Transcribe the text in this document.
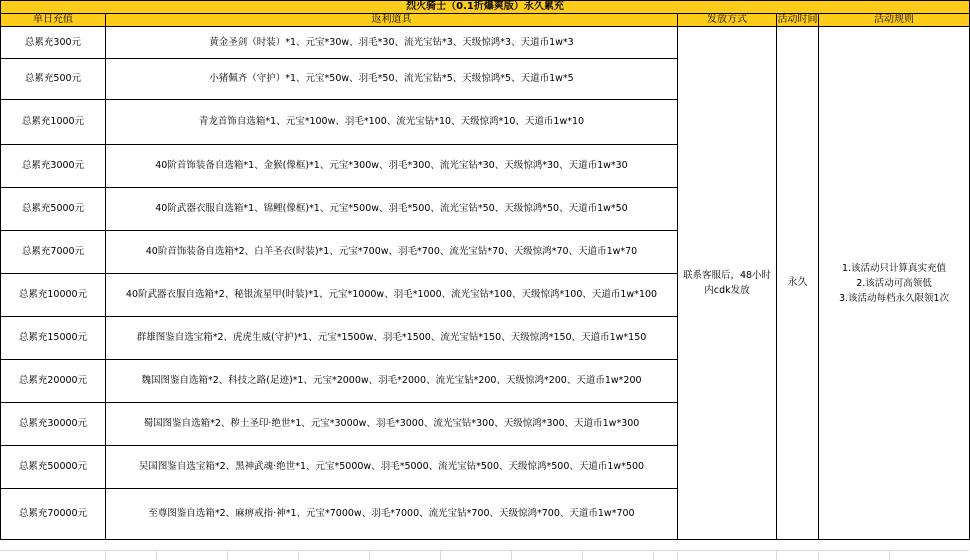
烈火骑士（0.1折爆爽版）永久累充				
单日充值	返利道具	发放方式	活动时间	活动规则
总累充300元	黄金圣剑（时装）*1、元宝*30w、羽毛*30、流光宝钻*3、天级惊鸿*3、天道币1w*3	联系客服后，48小时内cdk发放	永久	1.该活动只计算真实充值
2.该活动可高领低
3.该活动每档永久限领1次

总累充500元	小猪佩齐（守护）*1、元宝*50w、羽毛*50、流光宝钻*5、天级惊鸿*5、天道币1w*5			
总累充1000元	青龙首饰自选箱*1、元宝*100w、羽毛*100、流光宝钻*10、天级惊鸿*10、天道币1w*10			
总累充3000元	40阶首饰装备自选箱*1、金猴(像框)*1、元宝*300w、羽毛*300、流光宝钻*30、天级惊鸿*30、天道币1w*30			
总累充5000元	40阶武器衣服自选箱*1、锦鲤(像框)*1、元宝*500w、羽毛*500、流光宝钻*50、天级惊鸿*50、天道币1w*50			
总累充7000元	40阶首饰装备自选箱*2、白羊圣衣(时装)*1、元宝*700w、羽毛*700、流光宝钻*70、天级惊鸿*70、天道币1w*70			
总累充10000元	40阶武器衣服自选箱*2、秘银流星甲(时装)*1、元宝*1000w、羽毛*1000、流光宝钻*100、天级惊鸿*100、天道币1w*100			
总累充15000元	群雄图鉴自选宝箱*2、虎虎生威(守护)*1、元宝*1500w、羽毛*1500、流光宝钻*150、天级惊鸿*150、天道币1w*150			
总累充20000元	魏国图鉴自选箱*2、科技之路(足迹)*1、元宝*2000w、羽毛*2000、流光宝钻*200、天级惊鸿*200、天道币1w*200			
总累充30000元	蜀国图鉴自选箱*2、秽土圣印·绝世*1、元宝*3000w、羽毛*3000、流光宝钻*300、天级惊鸿*300、天道币1w*300			
总累充50000元	吴国图鉴自选宝箱*2、黑神武魂·绝世*1、元宝*5000w、羽毛*5000、流光宝钻*500、天级惊鸿*500、天道币1w*500			
总累充70000元	至尊图鉴自选箱*2、麻痹戒指·神*1、元宝*7000w、羽毛*7000、流光宝钻*700、天级惊鸿*700、天道币1w*700			
